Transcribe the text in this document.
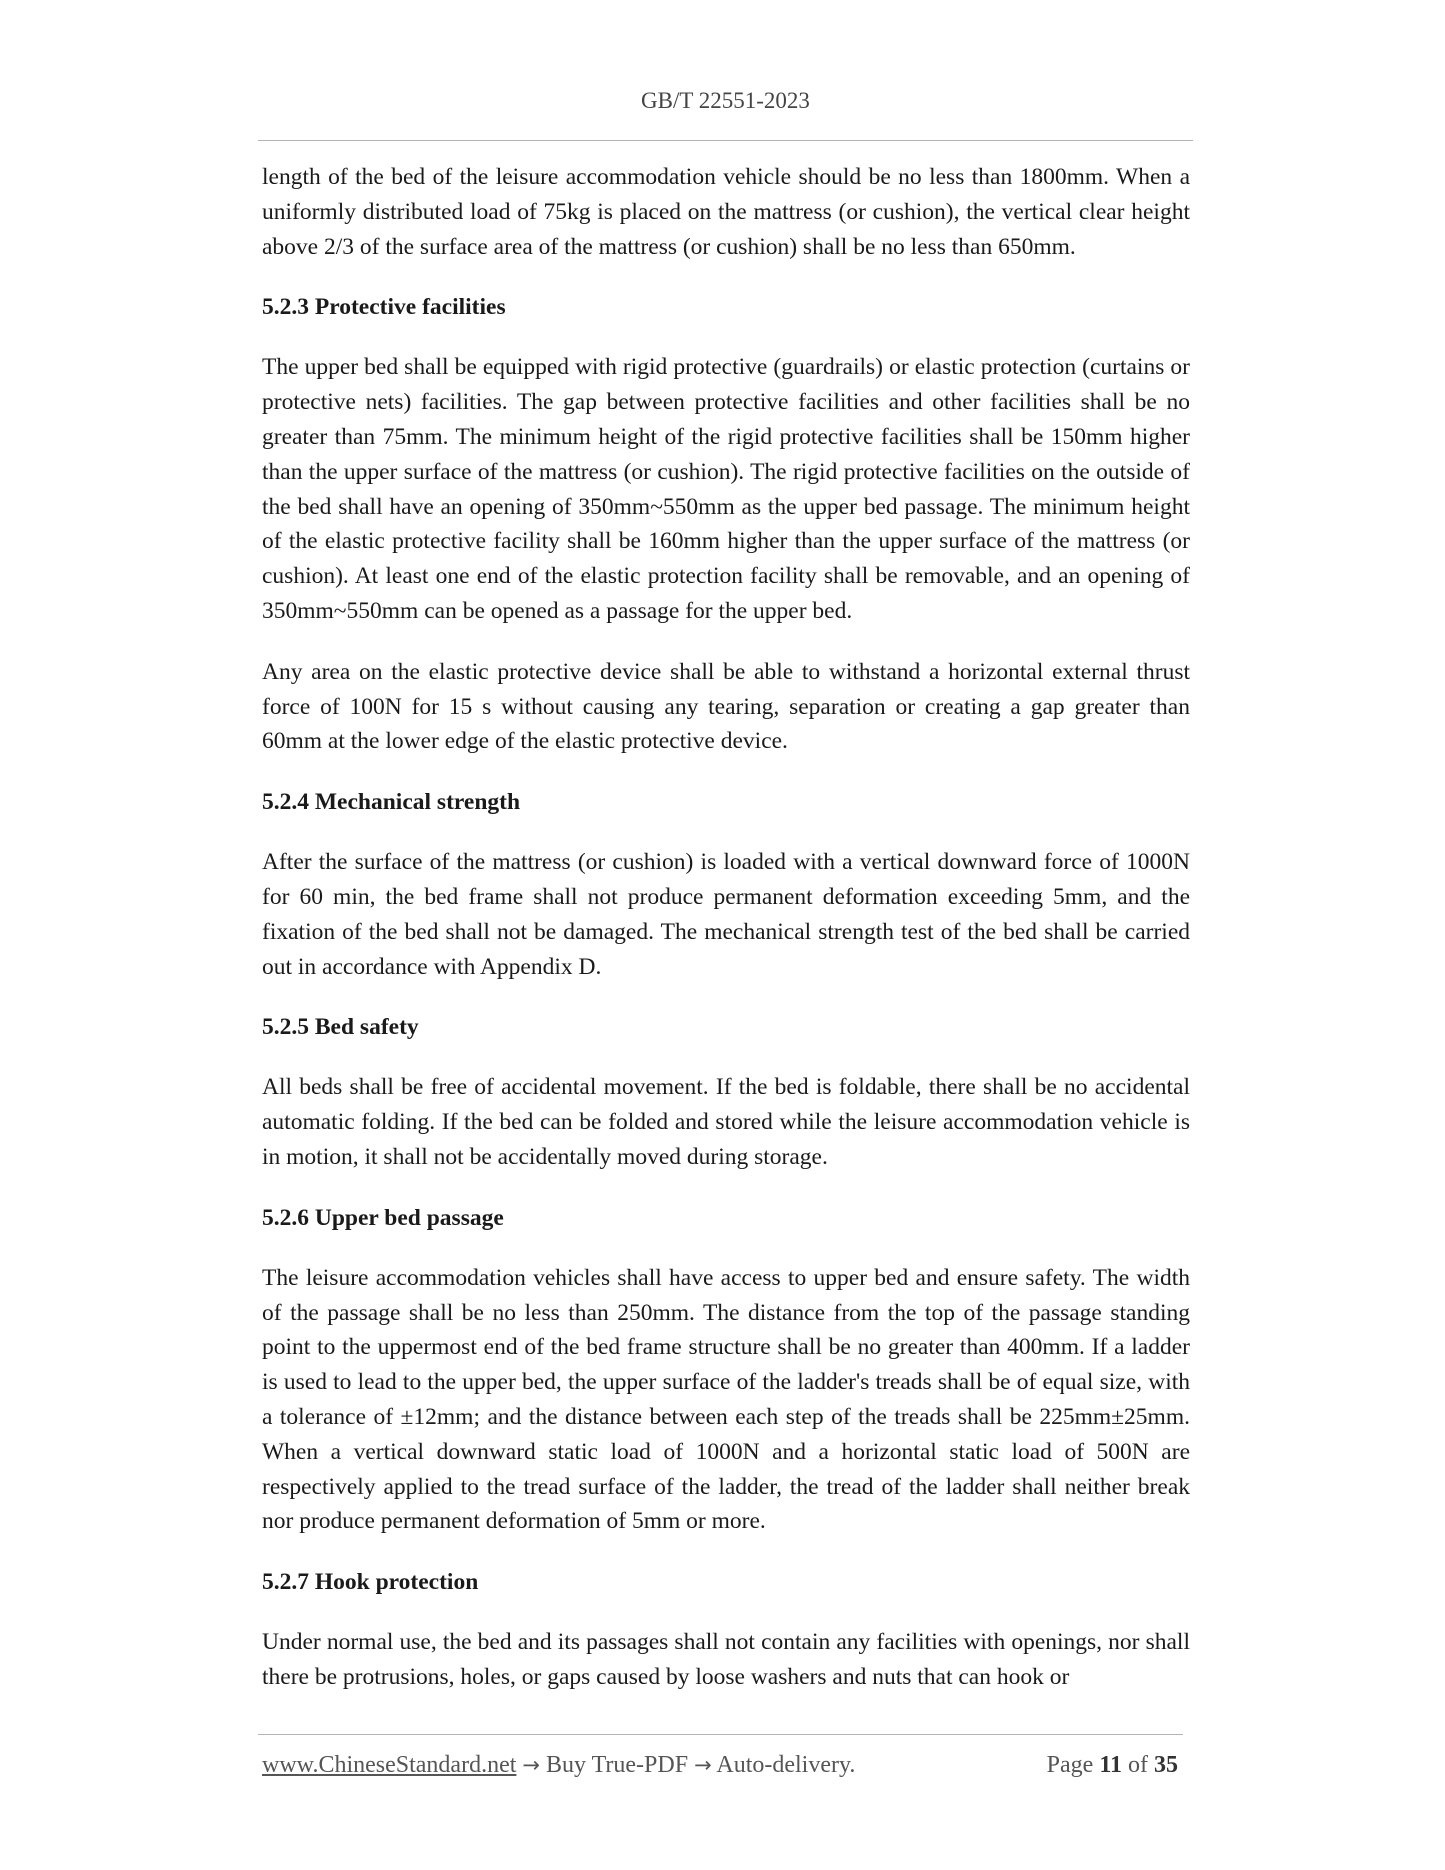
GB/T 22551-2023

length of the bed of the leisure accommodation vehicle should be no less than 1800mm. When a uniformly distributed load of 75kg is placed on the mattress (or cushion), the vertical clear height above 2/3 of the surface area of the mattress (or cushion) shall be no less than 650mm.

5.2.3 Protective facilities

The upper bed shall be equipped with rigid protective (guardrails) or elastic protection (curtains or protective nets) facilities. The gap between protective facilities and other facilities shall be no greater than 75mm. The minimum height of the rigid protective facilities shall be 150mm higher than the upper surface of the mattress (or cushion). The rigid protective facilities on the outside of the bed shall have an opening of 350mm~550mm as the upper bed passage. The minimum height of the elastic protective facility shall be 160mm higher than the upper surface of the mattress (or cushion). At least one end of the elastic protection facility shall be removable, and an opening of 350mm~550mm can be opened as a passage for the upper bed.

Any area on the elastic protective device shall be able to withstand a horizontal external thrust force of 100N for 15 s without causing any tearing, separation or creating a gap greater than 60mm at the lower edge of the elastic protective device.

5.2.4 Mechanical strength

After the surface of the mattress (or cushion) is loaded with a vertical downward force of 1000N for 60 min, the bed frame shall not produce permanent deformation exceeding 5mm, and the fixation of the bed shall not be damaged. The mechanical strength test of the bed shall be carried out in accordance with Appendix D.

5.2.5 Bed safety

All beds shall be free of accidental movement. If the bed is foldable, there shall be no accidental automatic folding. If the bed can be folded and stored while the leisure accommodation vehicle is in motion, it shall not be accidentally moved during storage.

5.2.6 Upper bed passage

The leisure accommodation vehicles shall have access to upper bed and ensure safety. The width of the passage shall be no less than 250mm. The distance from the top of the passage standing point to the uppermost end of the bed frame structure shall be no greater than 400mm. If a ladder is used to lead to the upper bed, the upper surface of the ladder's treads shall be of equal size, with a tolerance of ±12mm; and the distance between each step of the treads shall be 225mm±25mm. When a vertical downward static load of 1000N and a horizontal static load of 500N are respectively applied to the tread surface of the ladder, the tread of the ladder shall neither break nor produce permanent deformation of 5mm or more.

5.2.7 Hook protection

Under normal use, the bed and its passages shall not contain any facilities with openings, nor shall there be protrusions, holes, or gaps caused by loose washers and nuts that can hook or

www.ChineseStandard.net → Buy True-PDF → Auto-delivery.	Page 11 of 35
